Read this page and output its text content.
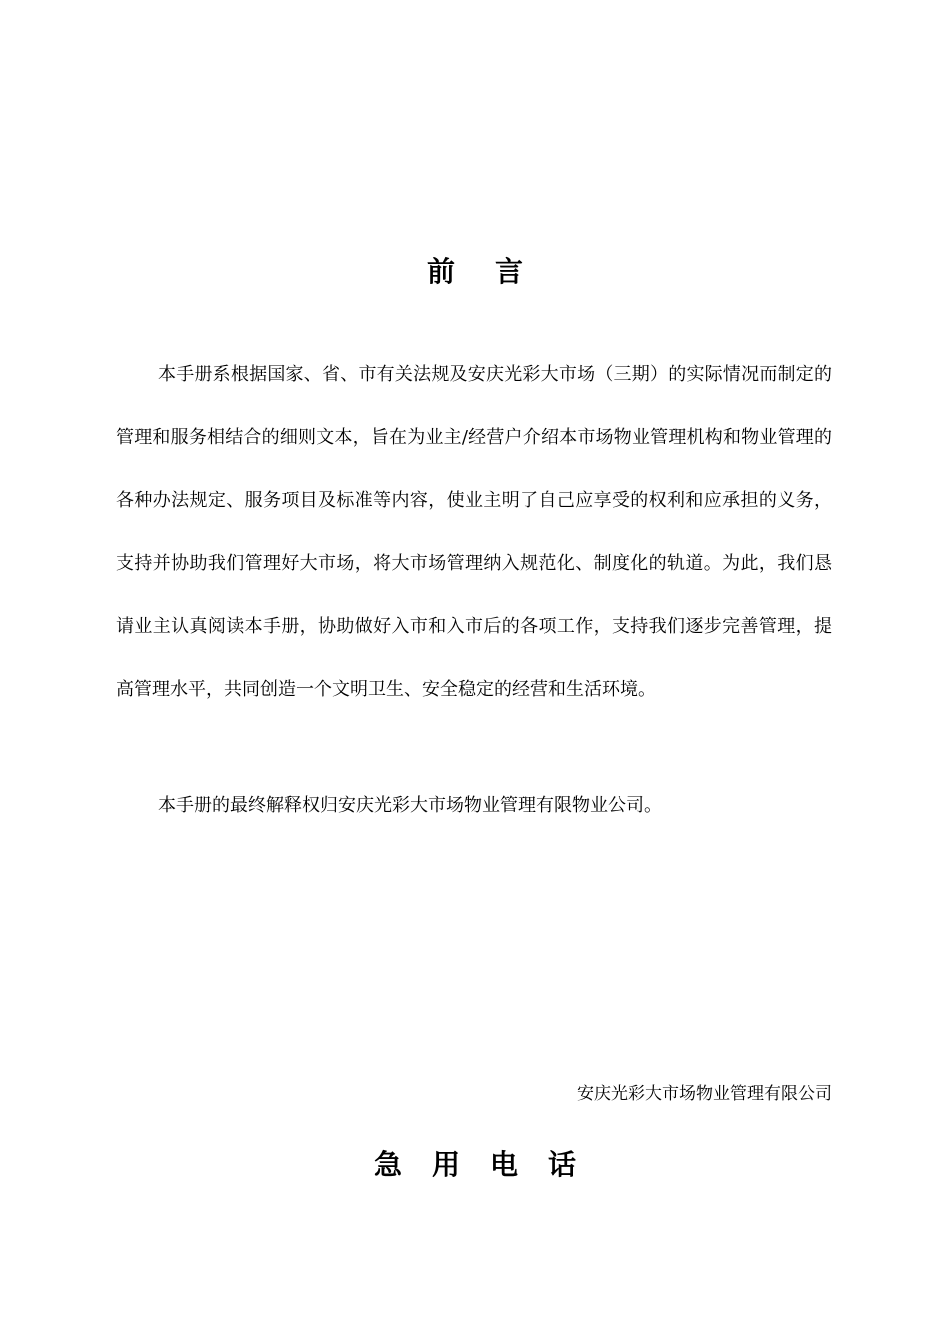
前言
本手册系根据国家、省、市有关法规及安庆光彩大市场（三期）的实际情况而制定的管理和服务相结合的细则文本，旨在为业主/经营户介绍本市场物业管理机构和物业管理的各种办法规定、服务项目及标准等内容，使业主明了自己应享受的权利和应承担的义务，支持并协助我们管理好大市场，将大市场管理纳入规范化、制度化的轨道。为此，我们恳请业主认真阅读本手册，协助做好入市和入市后的各项工作，支持我们逐步完善管理，提高管理水平，共同创造一个文明卫生、安全稳定的经营和生活环境。
本手册的最终解释权归安庆光彩大市场物业管理有限物业公司。
安庆光彩大市场物业管理有限公司
急用电话
